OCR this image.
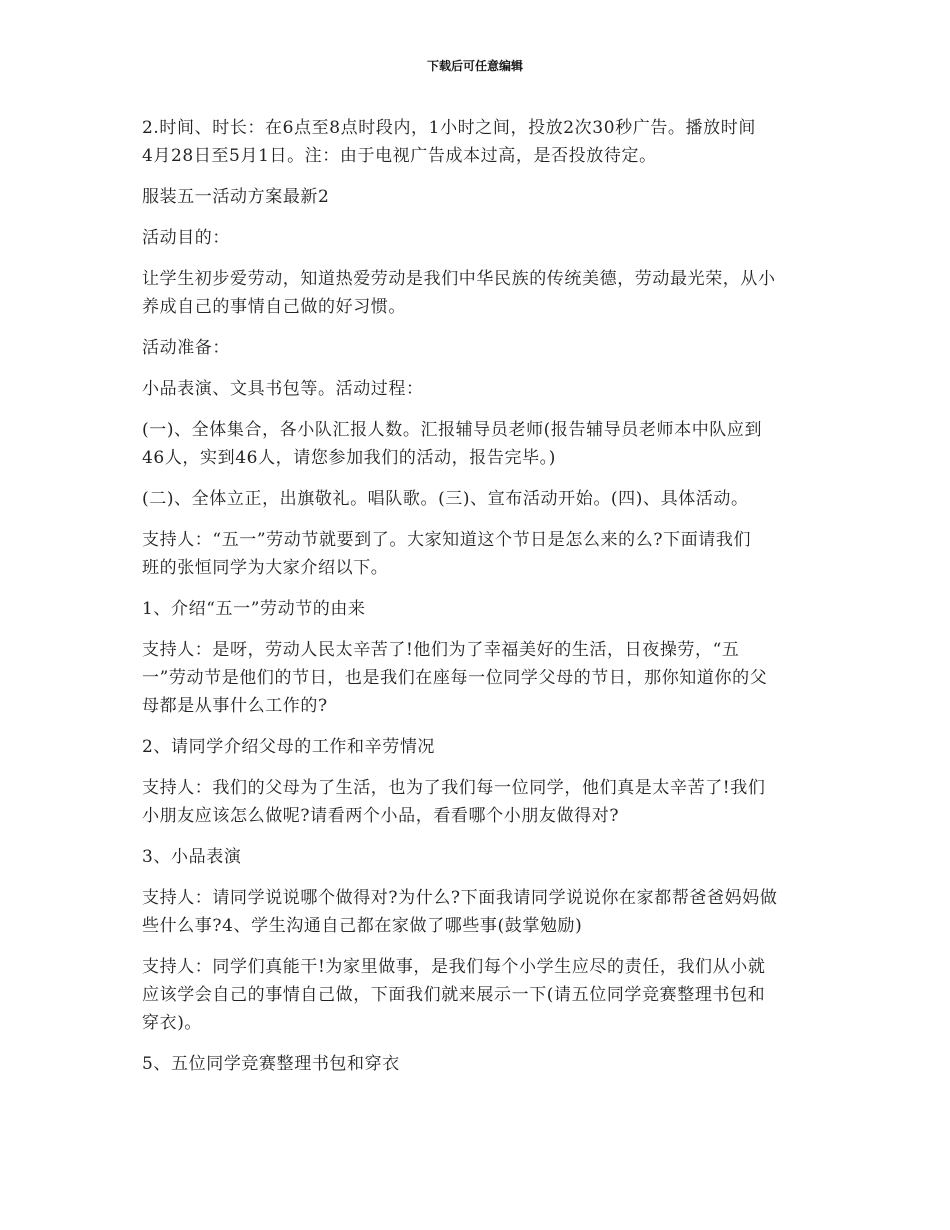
下载后可任意编辑

2.时间、时长：在6点至8点时段内，1小时之间，投放2次30秒广告。播放时间
4月28日至5月1日。注：由于电视广告成本过高，是否投放待定。

服装五一活动方案最新2

活动目的：

让学生初步爱劳动，知道热爱劳动是我们中华民族的传统美德，劳动最光荣，从小
养成自己的事情自己做的好习惯。

活动准备：

小品表演、文具书包等。活动过程：

(一)、全体集合，各小队汇报人数。汇报辅导员老师(报告辅导员老师本中队应到
46人，实到46人，请您参加我们的活动，报告完毕。)

(二)、全体立正，出旗敬礼。唱队歌。(三)、宣布活动开始。(四)、具体活动。

支持人：“五一”劳动节就要到了。大家知道这个节日是怎么来的么?下面请我们
班的张恒同学为大家介绍以下。

1、介绍“五一”劳动节的由来

支持人：是呀，劳动人民太辛苦了!他们为了幸福美好的生活，日夜操劳，“五
一”劳动节是他们的节日，也是我们在座每一位同学父母的节日，那你知道你的父
母都是从事什么工作的?

2、请同学介绍父母的工作和辛劳情况

支持人：我们的父母为了生活，也为了我们每一位同学，他们真是太辛苦了!我们
小朋友应该怎么做呢?请看两个小品，看看哪个小朋友做得对?

3、小品表演

支持人：请同学说说哪个做得对?为什么?下面我请同学说说你在家都帮爸爸妈妈做
些什么事?4、学生沟通自己都在家做了哪些事(鼓掌勉励)

支持人：同学们真能干!为家里做事，是我们每个小学生应尽的责任，我们从小就
应该学会自己的事情自己做，下面我们就来展示一下(请五位同学竞赛整理书包和
穿衣)。

5、五位同学竞赛整理书包和穿衣
